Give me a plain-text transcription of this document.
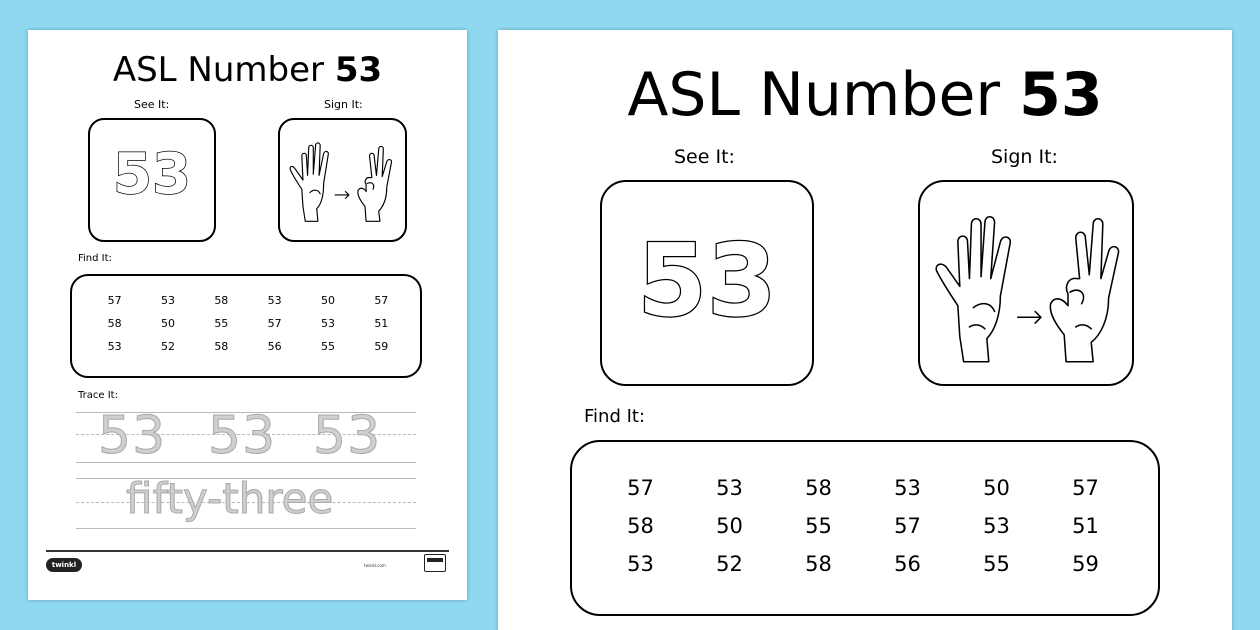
ASL Number 53
See It:	Sign It:
53
Find It:
57	53	58	53	50	57
58	50	55	57	53	51
53	52	58	56	55	59
Trace It:
53 53 53
fifty-three
twinkl	twinkl.com
ASL Number 53
See It:	Sign It:
53
Find It:
57	53	58	53	50	57
58	50	55	57	53	51
53	52	58	56	55	59
